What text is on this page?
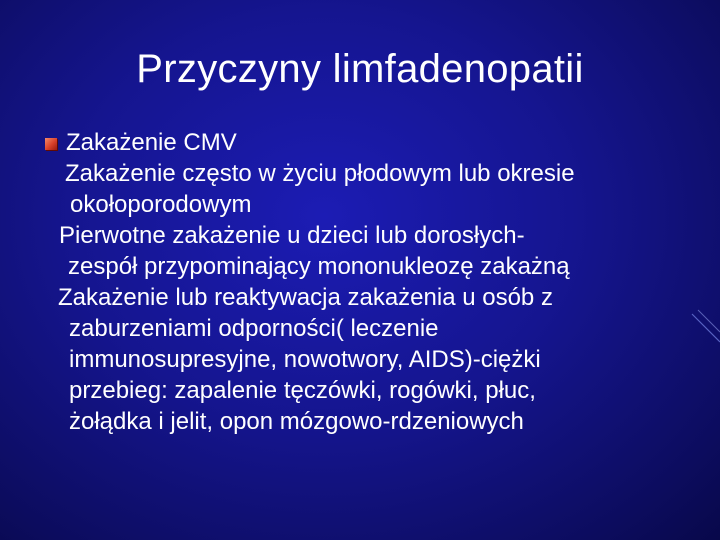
Przyczyny limfadenopatii
Zakażenie CMV
Zakażenie często w życiu płodowym lub okresie
okołoporodowym
Pierwotne zakażenie u dzieci lub dorosłych-
zespół przypominający mononukleozę zakażną
Zakażenie lub reaktywacja zakażenia u osób z
zaburzeniami odporności( leczenie
immunosupresyjne, nowotwory, AIDS)-ciężki
przebieg: zapalenie tęczówki, rogówki, płuc,
żołądka i jelit, opon mózgowo-rdzeniowych
